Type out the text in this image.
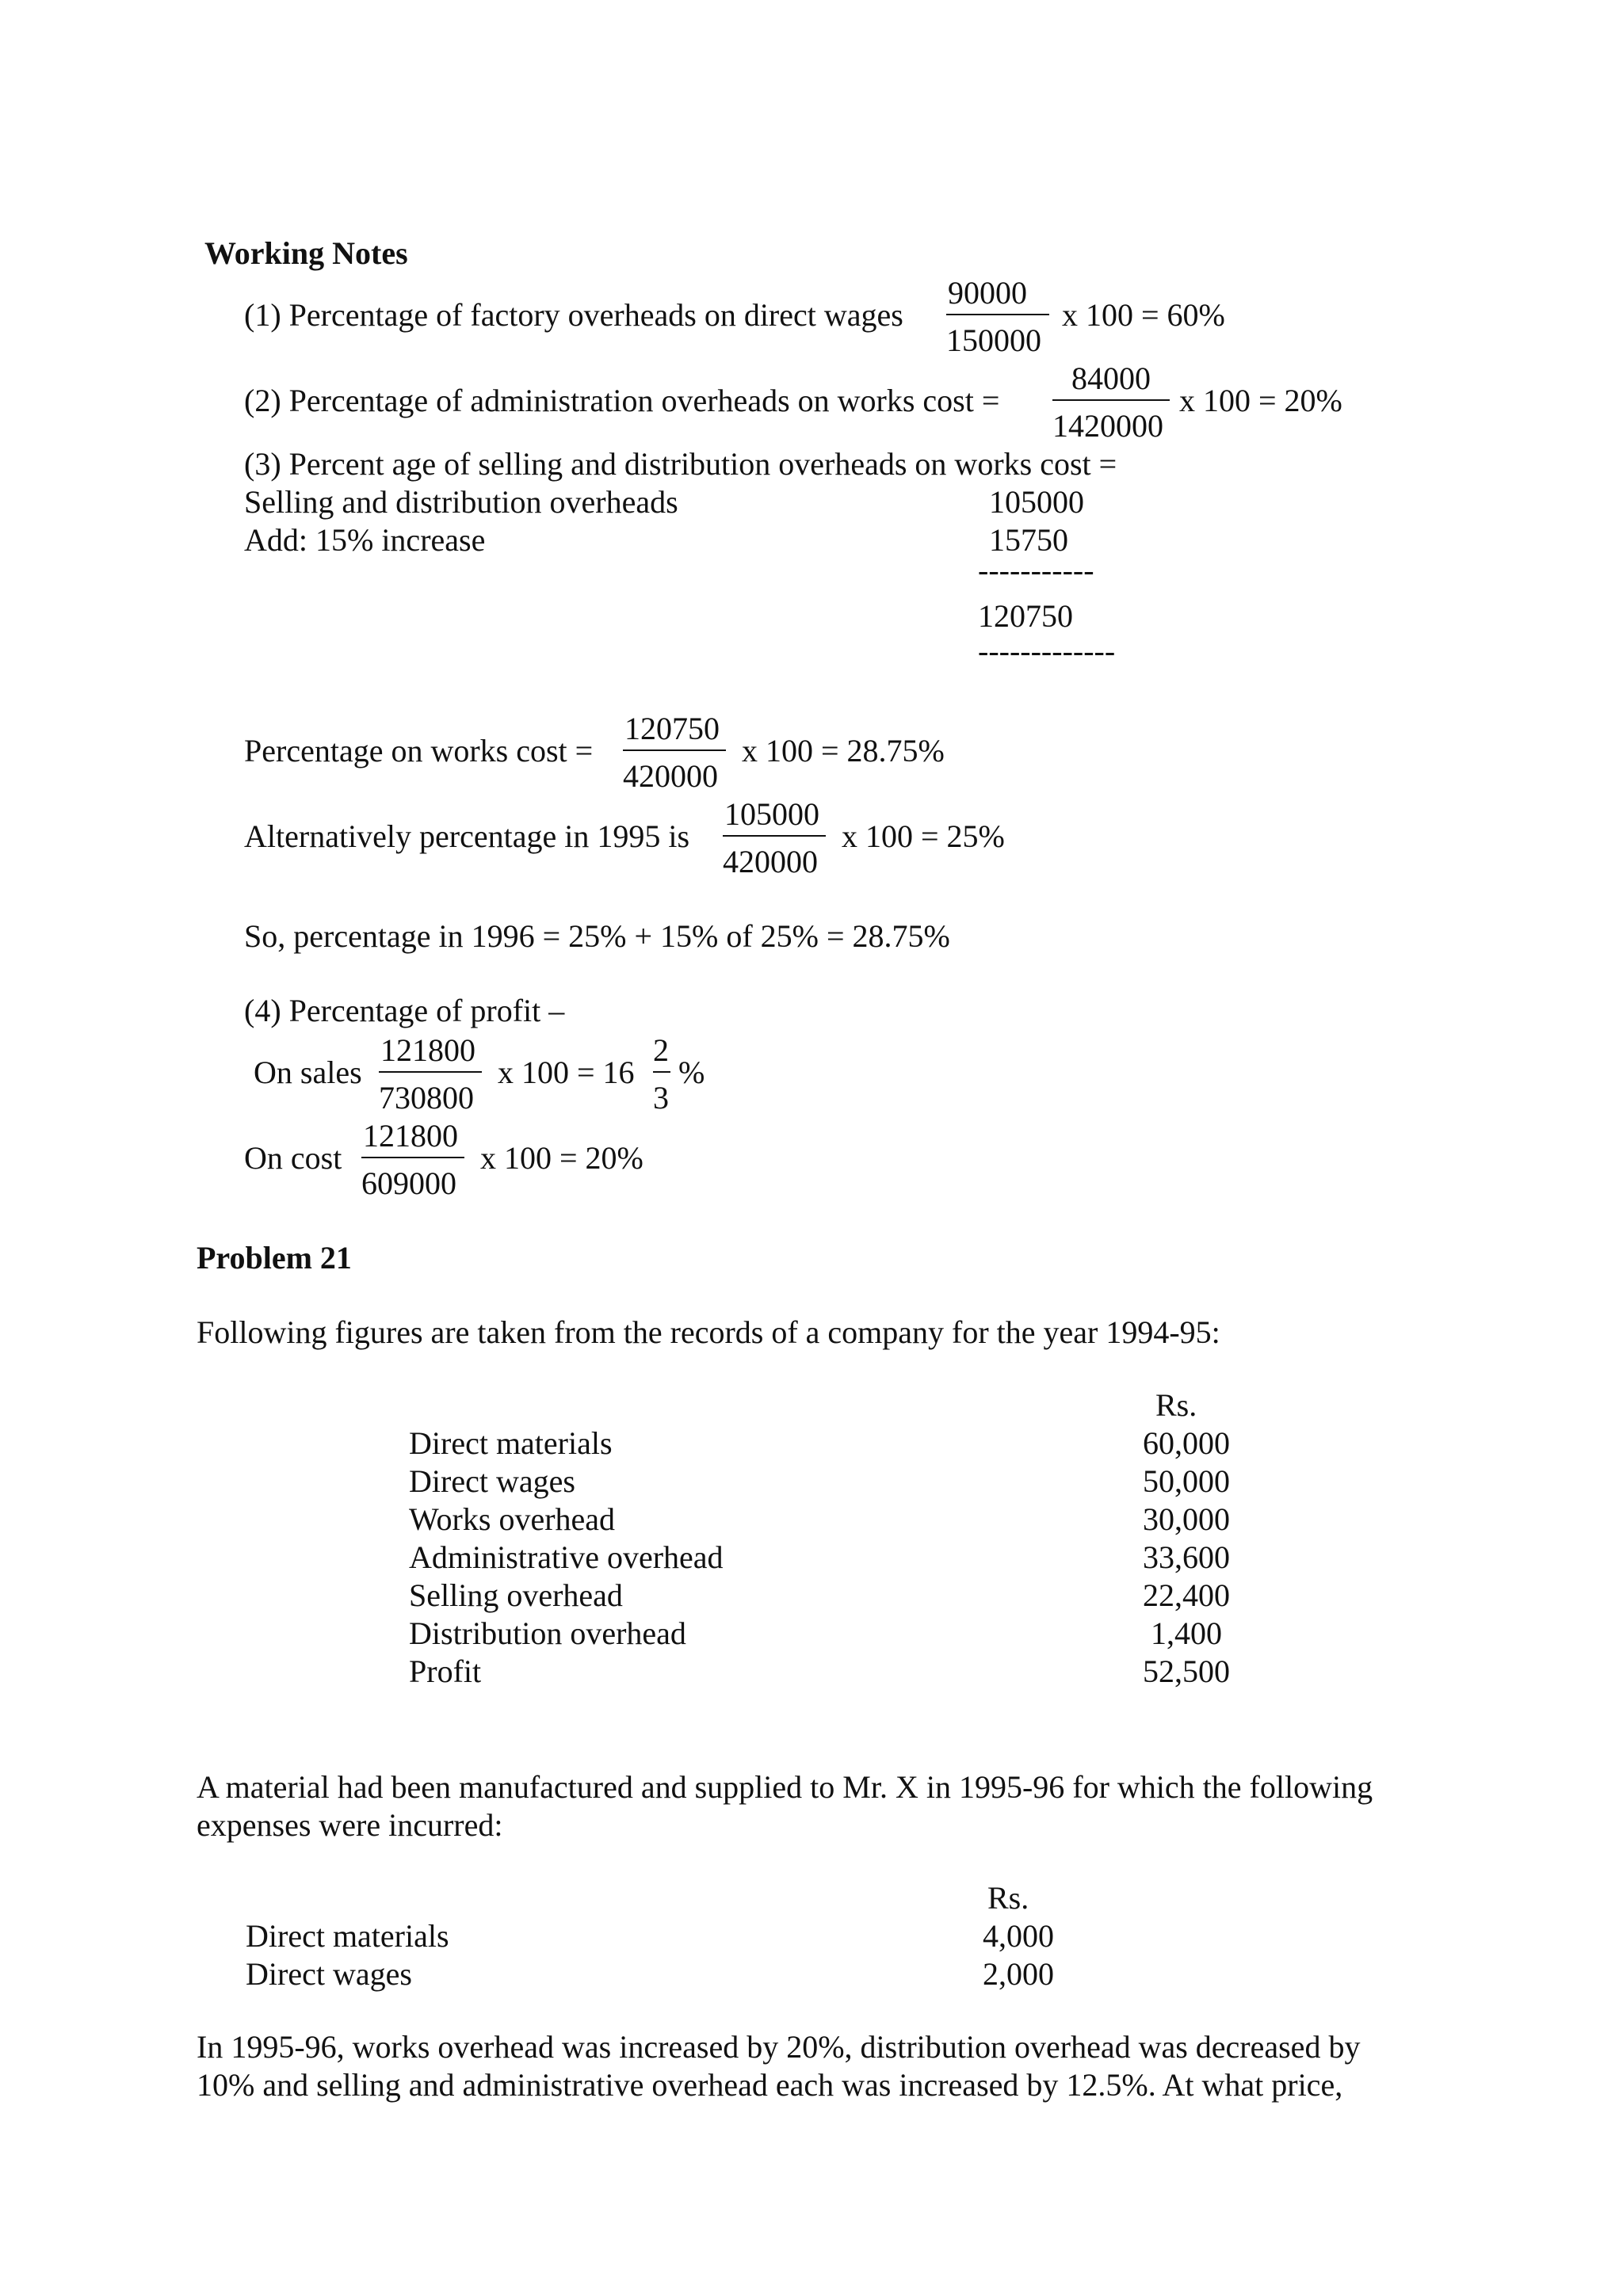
Working Notes
(1) Percentage of factory overheads on direct wages
90000
150000
x 100 = 60%
(2) Percentage of administration overheads on works cost =
84000
1420000
x 100 = 20%
(3) Percent age of selling and distribution overheads on works cost =
Selling and distribution overheads	105000
Add: 15% increase	15750
-----------
120750
-------------
Percentage on works cost =
120750
420000
x 100 = 28.75%
Alternatively percentage in 1995 is
105000
420000
x 100 = 25%
So, percentage in 1996 = 25% + 15% of 25% = 28.75%
(4) Percentage of profit –
On sales
121800
730800
x 100 = 16
2
3
%
On cost
121800
609000
x 100 = 20%
Problem 21
Following figures are taken from the records of a company for the year 1994-95:
Rs.
Direct materials	60,000
Direct wages	50,000
Works overhead	30,000
Administrative overhead	33,600
Selling overhead	22,400
Distribution overhead	1,400
Profit	52,500
A material had been manufactured and supplied to Mr. X in 1995-96 for which the following
expenses were incurred:
Rs.
Direct materials	4,000
Direct wages	2,000
In 1995-96, works overhead was increased by 20%, distribution overhead was decreased by
10% and selling and administrative overhead each was increased by 12.5%. At what price,
